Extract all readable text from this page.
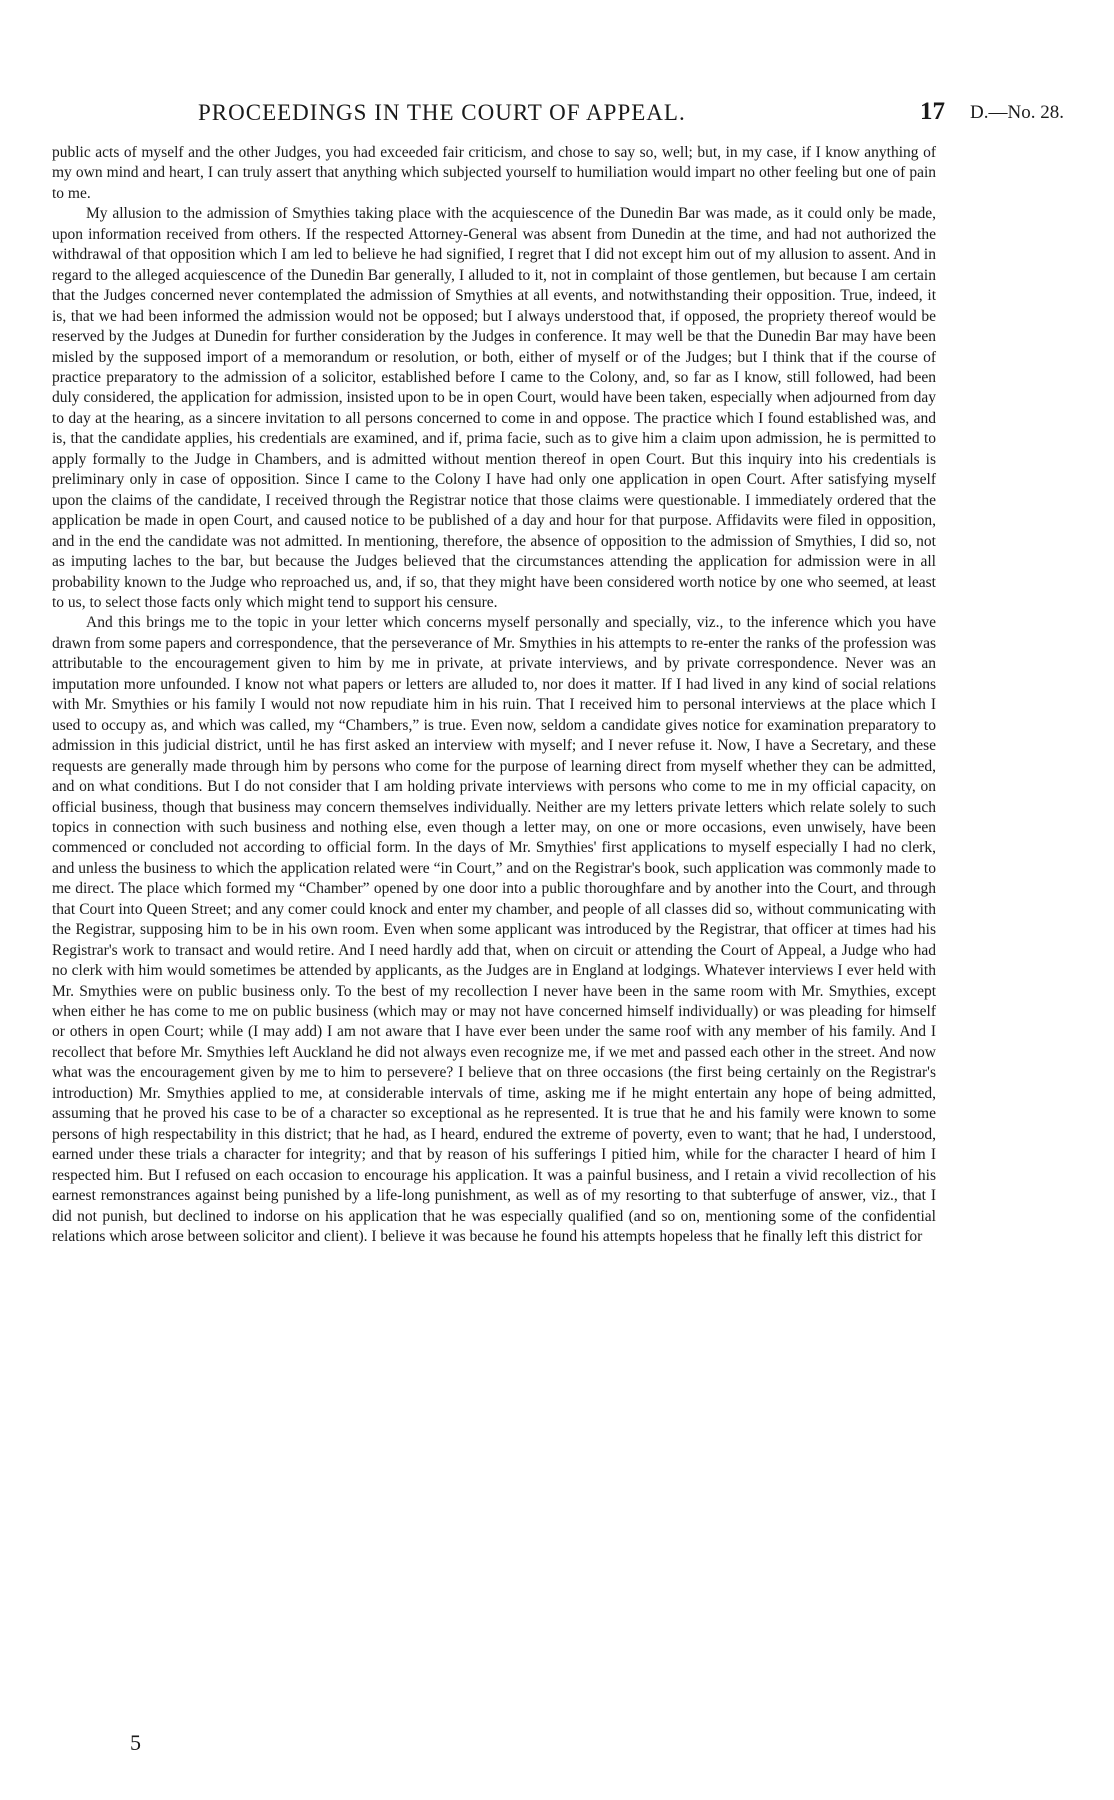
PROCEEDINGS IN THE COURT OF APPEAL.	17 D.—No. 28.

public acts of myself and the other Judges, you had exceeded fair criticism, and chose to say so, well; but, in my case, if I know anything of my own mind and heart, I can truly assert that anything which subjected yourself to humiliation would impart no other feeling but one of pain to me.

My allusion to the admission of Smythies taking place with the acquiescence of the Dunedin Bar was made, as it could only be made, upon information received from others. If the respected Attorney-General was absent from Dunedin at the time, and had not authorized the withdrawal of that opposition which I am led to believe he had signified, I regret that I did not except him out of my allusion to assent. And in regard to the alleged acquiescence of the Dunedin Bar generally, I alluded to it, not in complaint of those gentlemen, but because I am certain that the Judges concerned never contemplated the admission of Smythies at all events, and notwithstanding their opposition. True, indeed, it is, that we had been informed the admission would not be opposed; but I always understood that, if opposed, the propriety thereof would be reserved by the Judges at Dunedin for further consideration by the Judges in conference. It may well be that the Dunedin Bar may have been misled by the supposed import of a memorandum or resolution, or both, either of myself or of the Judges; but I think that if the course of practice preparatory to the admission of a solicitor, established before I came to the Colony, and, so far as I know, still followed, had been duly considered, the application for admission, insisted upon to be in open Court, would have been taken, especially when adjourned from day to day at the hearing, as a sincere invitation to all persons concerned to come in and oppose. The practice which I found established was, and is, that the candidate applies, his credentials are examined, and if, prima facie, such as to give him a claim upon admission, he is permitted to apply formally to the Judge in Chambers, and is admitted without mention thereof in open Court. But this inquiry into his credentials is preliminary only in case of opposition. Since I came to the Colony I have had only one application in open Court. After satisfying myself upon the claims of the candidate, I received through the Registrar notice that those claims were questionable. I immediately ordered that the application be made in open Court, and caused notice to be published of a day and hour for that purpose. Affidavits were filed in opposition, and in the end the candidate was not admitted. In mentioning, therefore, the absence of opposition to the admission of Smythies, I did so, not as imputing laches to the bar, but because the Judges believed that the circumstances attending the application for admission were in all probability known to the Judge who reproached us, and, if so, that they might have been considered worth notice by one who seemed, at least to us, to select those facts only which might tend to support his censure.

And this brings me to the topic in your letter which concerns myself personally and specially, viz., to the inference which you have drawn from some papers and correspondence, that the perseverance of Mr. Smythies in his attempts to re-enter the ranks of the profession was attributable to the encouragement given to him by me in private, at private interviews, and by private correspondence. Never was an imputation more unfounded. I know not what papers or letters are alluded to, nor does it matter. If I had lived in any kind of social relations with Mr. Smythies or his family I would not now repudiate him in his ruin. That I received him to personal interviews at the place which I used to occupy as, and which was called, my “Chambers,” is true. Even now, seldom a candidate gives notice for examination preparatory to admission in this judicial district, until he has first asked an interview with myself; and I never refuse it. Now, I have a Secretary, and these requests are generally made through him by persons who come for the purpose of learning direct from myself whether they can be admitted, and on what conditions. But I do not consider that I am holding private interviews with persons who come to me in my official capacity, on official business, though that business may concern themselves individually. Neither are my letters private letters which relate solely to such topics in connection with such business and nothing else, even though a letter may, on one or more occasions, even unwisely, have been commenced or concluded not according to official form. In the days of Mr. Smythies' first applications to myself especially I had no clerk, and unless the business to which the application related were “in Court,” and on the Registrar's book, such application was commonly made to me direct. The place which formed my “Chamber” opened by one door into a public thoroughfare and by another into the Court, and through that Court into Queen Street; and any comer could knock and enter my chamber, and people of all classes did so, without communicating with the Registrar, supposing him to be in his own room. Even when some applicant was introduced by the Registrar, that officer at times had his Registrar's work to transact and would retire. And I need hardly add that, when on circuit or attending the Court of Appeal, a Judge who had no clerk with him would sometimes be attended by applicants, as the Judges are in England at lodgings. Whatever interviews I ever held with Mr. Smythies were on public business only. To the best of my recollection I never have been in the same room with Mr. Smythies, except when either he has come to me on public business (which may or may not have concerned himself individually) or was pleading for himself or others in open Court; while (I may add) I am not aware that I have ever been under the same roof with any member of his family. And I recollect that before Mr. Smythies left Auckland he did not always even recognize me, if we met and passed each other in the street. And now what was the encouragement given by me to him to persevere? I believe that on three occasions (the first being certainly on the Registrar's introduction) Mr. Smythies applied to me, at considerable intervals of time, asking me if he might entertain any hope of being admitted, assuming that he proved his case to be of a character so exceptional as he represented. It is true that he and his family were known to some persons of high respectability in this district; that he had, as I heard, endured the extreme of poverty, even to want; that he had, I understood, earned under these trials a character for integrity; and that by reason of his sufferings I pitied him, while for the character I heard of him I respected him. But I refused on each occasion to encourage his application. It was a painful business, and I retain a vivid recollection of his earnest remonstrances against being punished by a life-long punishment, as well as of my resorting to that subterfuge of answer, viz., that I did not punish, but declined to indorse on his application that he was especially qualified (and so on, mentioning some of the confidential relations which arose between solicitor and client). I believe it was because he found his attempts hopeless that he finally left this district for

5
